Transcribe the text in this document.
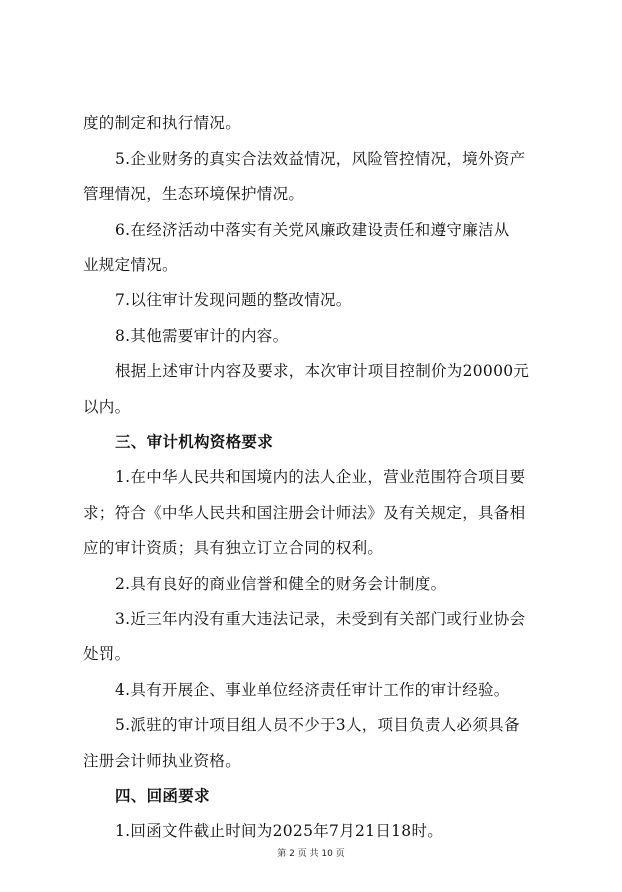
度的制定和执行情况。
5.企业财务的真实合法效益情况，风险管控情况，境外资产
管理情况，生态环境保护情况。
6.在经济活动中落实有关党风廉政建设责任和遵守廉洁从
业规定情况。
7.以往审计发现问题的整改情况。
8.其他需要审计的内容。
根据上述审计内容及要求，本次审计项目控制价为20000元
以内。
三、审计机构资格要求
1.在中华人民共和国境内的法人企业，营业范围符合项目要
求；符合《中华人民共和国注册会计师法》及有关规定，具备相
应的审计资质；具有独立订立合同的权利。
2.具有良好的商业信誉和健全的财务会计制度。
3.近三年内没有重大违法记录，未受到有关部门或行业协会
处罚。
4.具有开展企、事业单位经济责任审计工作的审计经验。
5.派驻的审计项目组人员不少于3人，项目负责人必须具备
注册会计师执业资格。
四、回函要求
1.回函文件截止时间为2025年7月21日18时。
第 2 页 共 10 页
